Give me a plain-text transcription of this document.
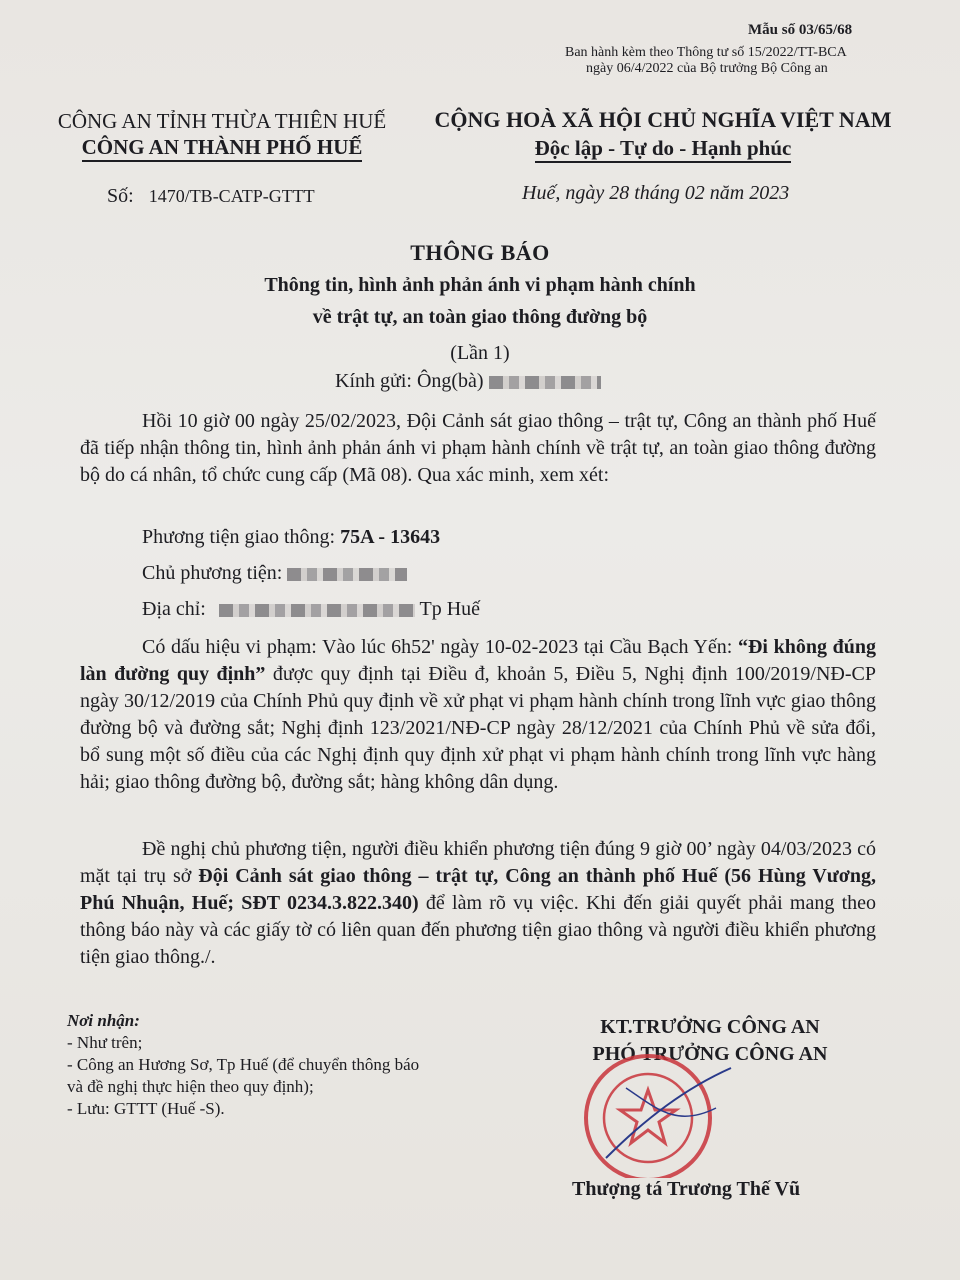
Mẫu số 03/65/68
Ban hành kèm theo Thông tư số 15/2022/TT-BCA
ngày 06/4/2022 của Bộ trưởng Bộ Công an
CÔNG AN TỈNH THỪA THIÊN HUẾ
CÔNG AN THÀNH PHỐ HUẾ
CỘNG HOÀ XÃ HỘI CHỦ NGHĨA VIỆT NAM
Độc lập - Tự do - Hạnh phúc
Số: 1470/TB-CATP-GTTT	Huế, ngày 28 tháng 02 năm 2023
THÔNG BÁO
Thông tin, hình ảnh phản ánh vi phạm hành chính
về trật tự, an toàn giao thông đường bộ
(Lần 1)
Kính gửi: Ông(bà)
Hồi 10 giờ 00 ngày 25/02/2023, Đội Cảnh sát giao thông – trật tự, Công an thành phố Huế đã tiếp nhận thông tin, hình ảnh phản ánh vi phạm hành chính về trật tự, an toàn giao thông đường bộ do cá nhân, tổ chức cung cấp (Mã 08). Qua xác minh, xem xét:
Phương tiện giao thông: 75A - 13643
Chủ phương tiện:
Địa chỉ:	Tp Huế
Có dấu hiệu vi phạm: Vào lúc 6h52' ngày 10-02-2023 tại Cầu Bạch Yến: “Đi không đúng làn đường quy định” được quy định tại Điều đ, khoản 5, Điều 5, Nghị định 100/2019/NĐ-CP ngày 30/12/2019 của Chính Phủ quy định về xử phạt vi phạm hành chính trong lĩnh vực giao thông đường bộ và đường sắt; Nghị định 123/2021/NĐ-CP ngày 28/12/2021 của Chính Phủ về sửa đổi, bổ sung một số điều của các Nghị định quy định xử phạt vi phạm hành chính trong lĩnh vực hàng hải; giao thông đường bộ, đường sắt; hàng không dân dụng.
Đề nghị chủ phương tiện, người điều khiển phương tiện đúng 9 giờ 00’ ngày 04/03/2023 có mặt tại trụ sở Đội Cảnh sát giao thông – trật tự, Công an thành phố Huế (56 Hùng Vương, Phú Nhuận, Huế; SĐT 0234.3.822.340) để làm rõ vụ việc. Khi đến giải quyết phải mang theo thông báo này và các giấy tờ có liên quan đến phương tiện giao thông và người điều khiển phương tiện giao thông./.
Nơi nhận:
- Như trên;
- Công an Hương Sơ, Tp Huế (để chuyển thông báo
và đề nghị thực hiện theo quy định);
- Lưu: GTTT (Huế -S).
KT.TRƯỞNG CÔNG AN
PHÓ TRƯỞNG CÔNG AN
Thượng tá Trương Thế Vũ
